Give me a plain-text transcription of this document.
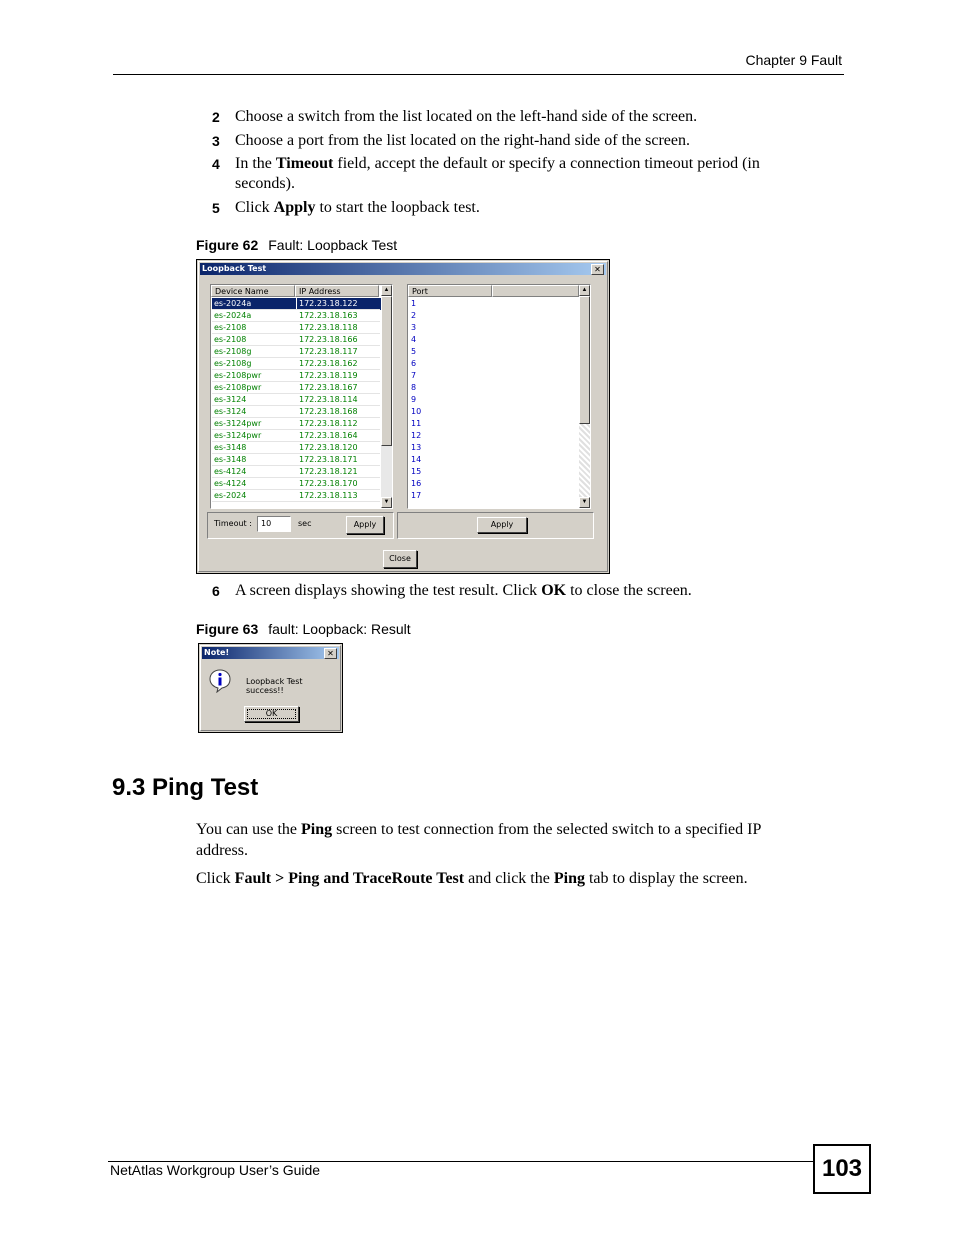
Chapter 9 Fault
2 Choose a switch from the list located on the left-hand side of the screen.
3 Choose a port from the list located on the right-hand side of the screen.
4 In the Timeout field, accept the default or specify a connection timeout period (in seconds).
5 Click Apply to start the loopback test.
Figure 62 Fault: Loopback Test
Loopback Test	✕
Device Name	IP Address
es-2024a	172.23.18.122
es-2024a	172.23.18.163
es-2108	172.23.18.118
es-2108	172.23.18.166
es-2108g	172.23.18.117
es-2108g	172.23.18.162
es-2108pwr	172.23.18.119
es-2108pwr	172.23.18.167
es-3124	172.23.18.114
es-3124	172.23.18.168
es-3124pwr	172.23.18.112
es-3124pwr	172.23.18.164
es-3148	172.23.18.120
es-3148	172.23.18.171
es-4124	172.23.18.121
es-4124	172.23.18.170
es-2024	172.23.18.113
▲
▼
Port
1
2
3
4
5
6
7
8
9
10
11
12
13
14
15
16
17
▲
▼
Timeout :	10	sec	Apply	Apply
Close
6 A screen displays showing the test result. Click OK to close the screen.
Figure 63 fault: Loopback: Result
Note!	✕
Loopback Test success!!
OK
9.3 Ping Test
You can use the Ping screen to test connection from the selected switch to a specified IP address.
Click Fault > Ping and TraceRoute Test and click the Ping tab to display the screen.
NetAtlas Workgroup User’s Guide	103
